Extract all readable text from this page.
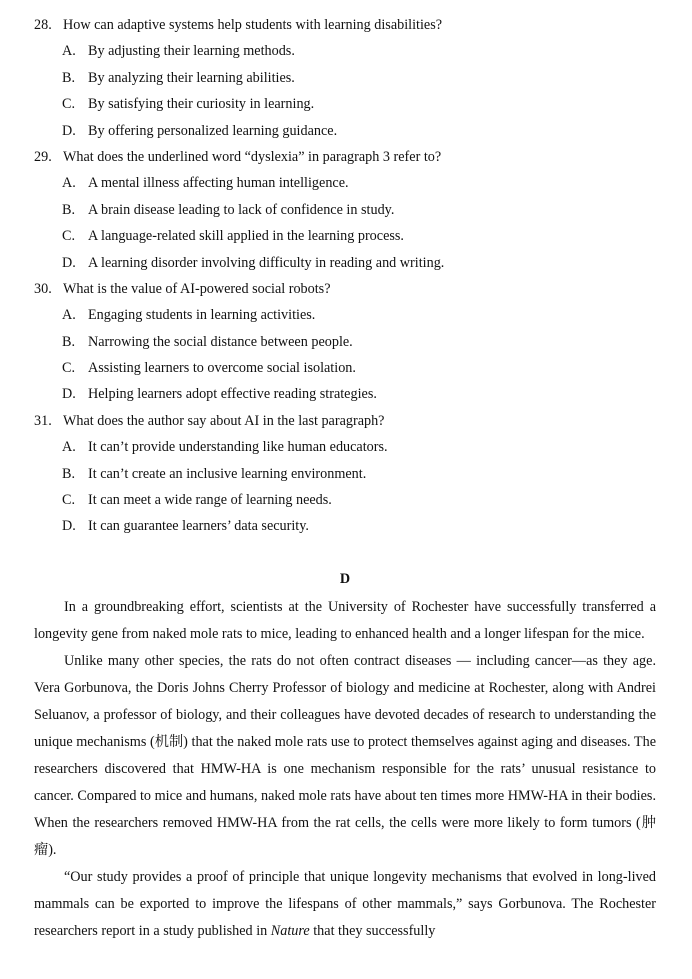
28. How can adaptive systems help students with learning disabilities?
A. By adjusting their learning methods.
B. By analyzing their learning abilities.
C. By satisfying their curiosity in learning.
D. By offering personalized learning guidance.
29. What does the underlined word “dyslexia” in paragraph 3 refer to?
A. A mental illness affecting human intelligence.
B. A brain disease leading to lack of confidence in study.
C. A language-related skill applied in the learning process.
D. A learning disorder involving difficulty in reading and writing.
30. What is the value of AI-powered social robots?
A. Engaging students in learning activities.
B. Narrowing the social distance between people.
C. Assisting learners to overcome social isolation.
D. Helping learners adopt effective reading strategies.
31. What does the author say about AI in the last paragraph?
A. It can’t provide understanding like human educators.
B. It can’t create an inclusive learning environment.
C. It can meet a wide range of learning needs.
D. It can guarantee learners’ data security.
D

In a groundbreaking effort, scientists at the University of Rochester have successfully transferred a longevity gene from naked mole rats to mice, leading to enhanced health and a longer lifespan for the mice.

Unlike many other species, the rats do not often contract diseases — including cancer—as they age. Vera Gorbunova, the Doris Johns Cherry Professor of biology and medicine at Rochester, along with Andrei Seluanov, a professor of biology, and their colleagues have devoted decades of research to understanding the unique mechanisms (机制) that the naked mole rats use to protect themselves against aging and diseases. The researchers discovered that HMW-HA is one mechanism responsible for the rats’ unusual resistance to cancer. Compared to mice and humans, naked mole rats have about ten times more HMW-HA in their bodies. When the researchers removed HMW-HA from the rat cells, the cells were more likely to form tumors (肿瘤).

“Our study provides a proof of principle that unique longevity mechanisms that evolved in long-lived mammals can be exported to improve the lifespans of other mammals,” says Gorbunova. The Rochester researchers report in a study published in Nature that they successfully
